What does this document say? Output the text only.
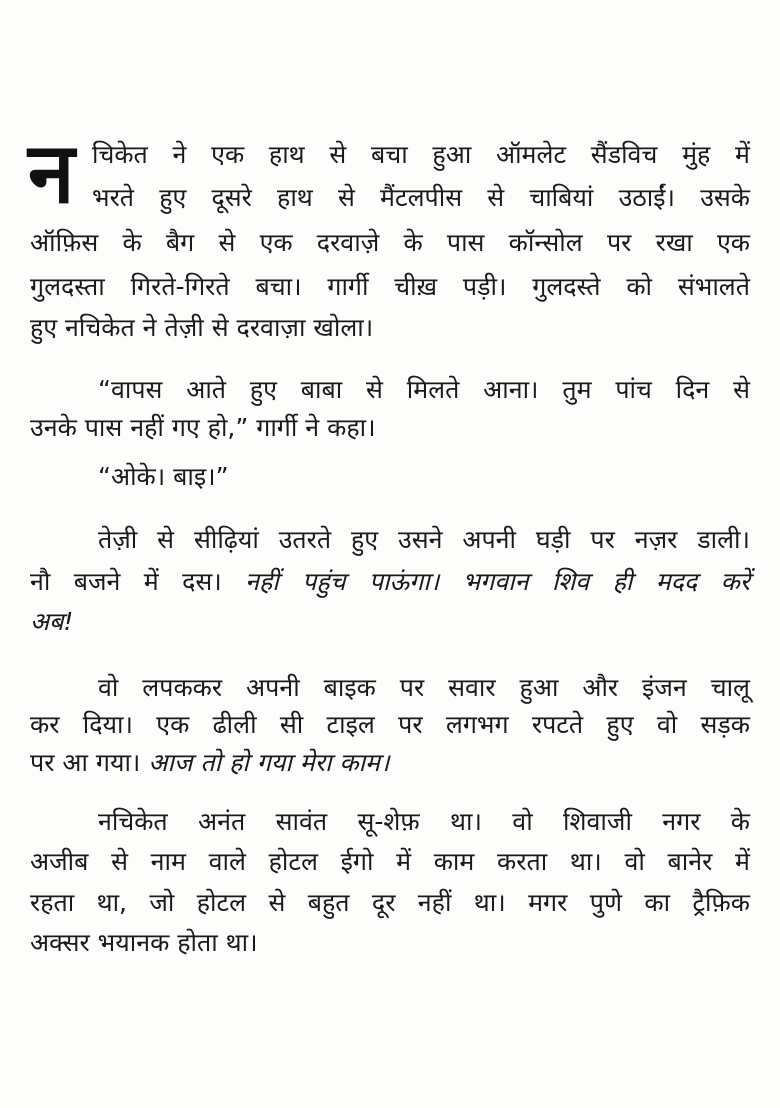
न चिकेत ने एक हाथ से बचा हुआ ऑमलेट सैंडविच मुंह में
भरते हुए दूसरे हाथ से मैंटलपीस से चाबियां उठाईं। उसके
ऑफ़िस के बैग से एक दरवाज़े के पास कॉन्सोल पर रखा एक
गुलदस्ता गिरते-गिरते बचा। गार्गी चीख़ पड़ी। गुलदस्ते को संभालते
हुए नचिकेत ने तेज़ी से दरवाज़ा खोला।
“वापस आते हुए बाबा से मिलते आना। तुम पांच दिन से
उनके पास नहीं गए हो,” गार्गी ने कहा।
“ओके। बाइ।”
तेज़ी से सीढ़ियां उतरते हुए उसने अपनी घड़ी पर नज़र डाली।
नौ बजने में दस। नहीं पहुंच पाऊंगा। भगवान शिव ही मदद करें
अब!
वो लपककर अपनी बाइक पर सवार हुआ और इंजन चालू
कर दिया। एक ढीली सी टाइल पर लगभग रपटते हुए वो सड़क
पर आ गया। आज तो हो गया मेरा काम।
नचिकेत अनंत सावंत सू-शेफ़ था। वो शिवाजी नगर के
अजीब से नाम वाले होटल ईगो में काम करता था। वो बानेर में
रहता था, जो होटल से बहुत दूर नहीं था। मगर पुणे का ट्रैफ़िक
अक्सर भयानक होता था।
